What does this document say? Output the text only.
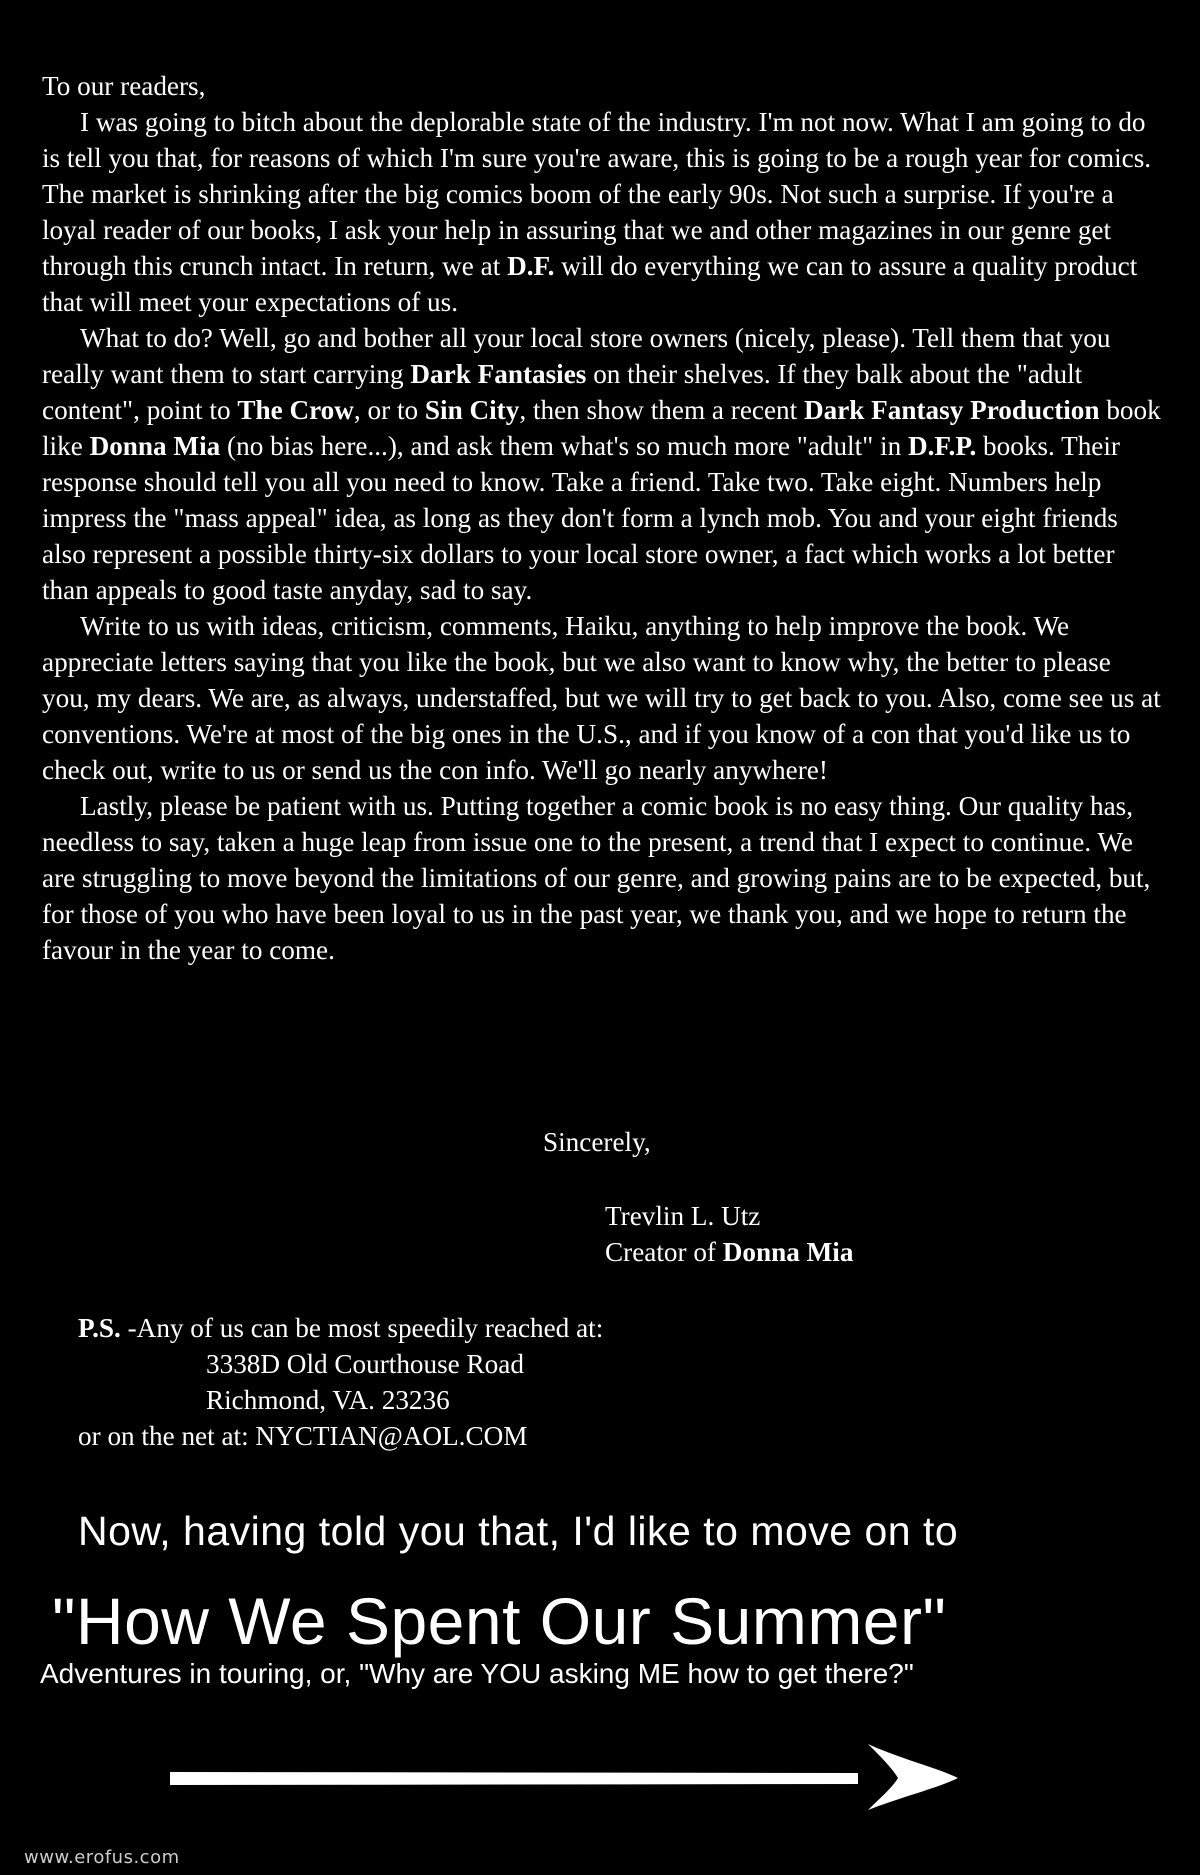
To our readers,

I was going to bitch about the deplorable state of the industry. I'm not now. What I am going to do is tell you that, for reasons of which I'm sure you're aware, this is going to be a rough year for comics. The market is shrinking after the big comics boom of the early 90s. Not such a surprise. If you're a loyal reader of our books, I ask your help in assuring that we and other magazines in our genre get through this crunch intact. In return, we at D.F. will do everything we can to assure a quality product that will meet your expectations of us.

What to do? Well, go and bother all your local store owners (nicely, please). Tell them that you really want them to start carrying Dark Fantasies on their shelves. If they balk about the "adult content", point to The Crow, or to Sin City, then show them a recent Dark Fantasy Production book like Donna Mia (no bias here...), and ask them what's so much more "adult" in D.F.P. books. Their response should tell you all you need to know. Take a friend. Take two. Take eight. Numbers help impress the "mass appeal" idea, as long as they don't form a lynch mob. You and your eight friends also represent a possible thirty-six dollars to your local store owner, a fact which works a lot better than appeals to good taste anyday, sad to say.

Write to us with ideas, criticism, comments, Haiku, anything to help improve the book. We appreciate letters saying that you like the book, but we also want to know why, the better to please you, my dears. We are, as always, understaffed, but we will try to get back to you. Also, come see us at conventions. We're at most of the big ones in the U.S., and if you know of a con that you'd like us to check out, write to us or send us the con info. We'll go nearly anywhere!

Lastly, please be patient with us. Putting together a comic book is no easy thing. Our quality has, needless to say, taken a huge leap from issue one to the present, a trend that I expect to continue. We are struggling to move beyond the limitations of our genre, and growing pains are to be expected, but, for those of you who have been loyal to us in the past year, we thank you, and we hope to return the favour in the year to come.

Sincerely,
Trevlin L. Utz
Creator of Donna Mia
P.S. -Any of us can be most speedily reached at:
3338D Old Courthouse Road
Richmond, VA. 23236
or on the net at: NYCTIAN@AOL.COM
Now, having told you that, I'd like to move on to
"How We Spent Our Summer"
Adventures in touring, or, "Why are YOU asking ME how to get there?"
www.erofus.com
